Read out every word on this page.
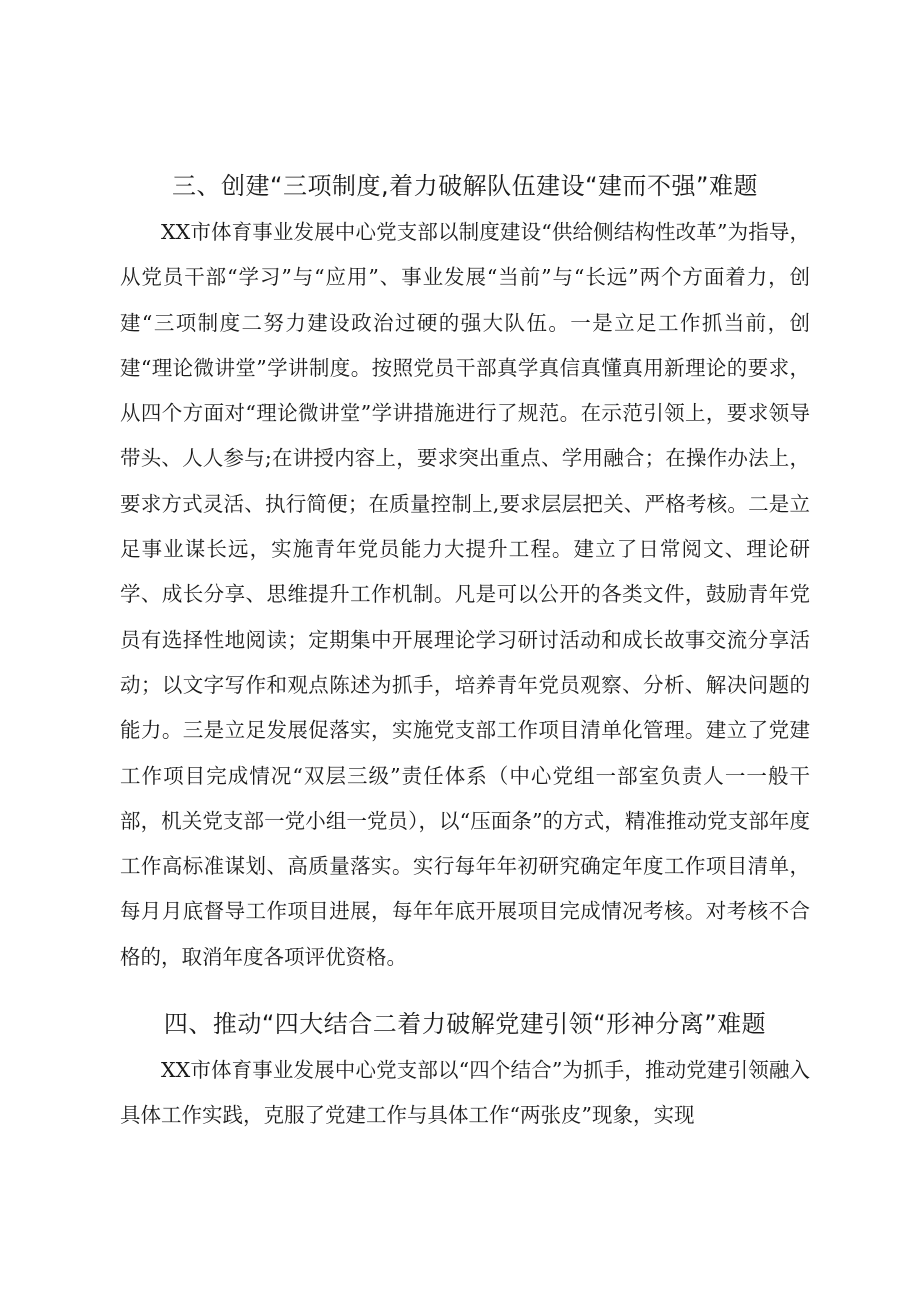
三、创建“三项制度,着力破解队伍建设“建而不强”难题

XX市体育事业发展中心党支部以制度建设“供给侧结构性改革”为指导，从党员干部“学习”与“应用”、事业发展“当前”与“长远”两个方面着力，创建“三项制度二努力建设政治过硬的强大队伍。一是立足工作抓当前，创建“理论微讲堂”学讲制度。按照党员干部真学真信真懂真用新理论的要求，从四个方面对“理论微讲堂”学讲措施进行了规范。在示范引领上，要求领导带头、人人参与;在讲授内容上，要求突出重点、学用融合；在操作办法上，要求方式灵活、执行简便；在质量控制上,要求层层把关、严格考核。二是立足事业谋长远，实施青年党员能力大提升工程。建立了日常阅文、理论研学、成长分享、思维提升工作机制。凡是可以公开的各类文件，鼓励青年党员有选择性地阅读；定期集中开展理论学习研讨活动和成长故事交流分享活动；以文字写作和观点陈述为抓手，培养青年党员观察、分析、解决问题的能力。三是立足发展促落实，实施党支部工作项目清单化管理。建立了党建工作项目完成情况“双层三级”责任体系（中心党组一部室负责人一一般干部，机关党支部一党小组一党员），以“压面条”的方式，精准推动党支部年度工作高标准谋划、高质量落实。实行每年年初研究确定年度工作项目清单，每月月底督导工作项目进展，每年年底开展项目完成情况考核。对考核不合格的，取消年度各项评优资格。

四、推动“四大结合二着力破解党建引领“形神分离”难题

XX市体育事业发展中心党支部以“四个结合”为抓手，推动党建引领融入具体工作实践，克服了党建工作与具体工作“两张皮”现象，实现
